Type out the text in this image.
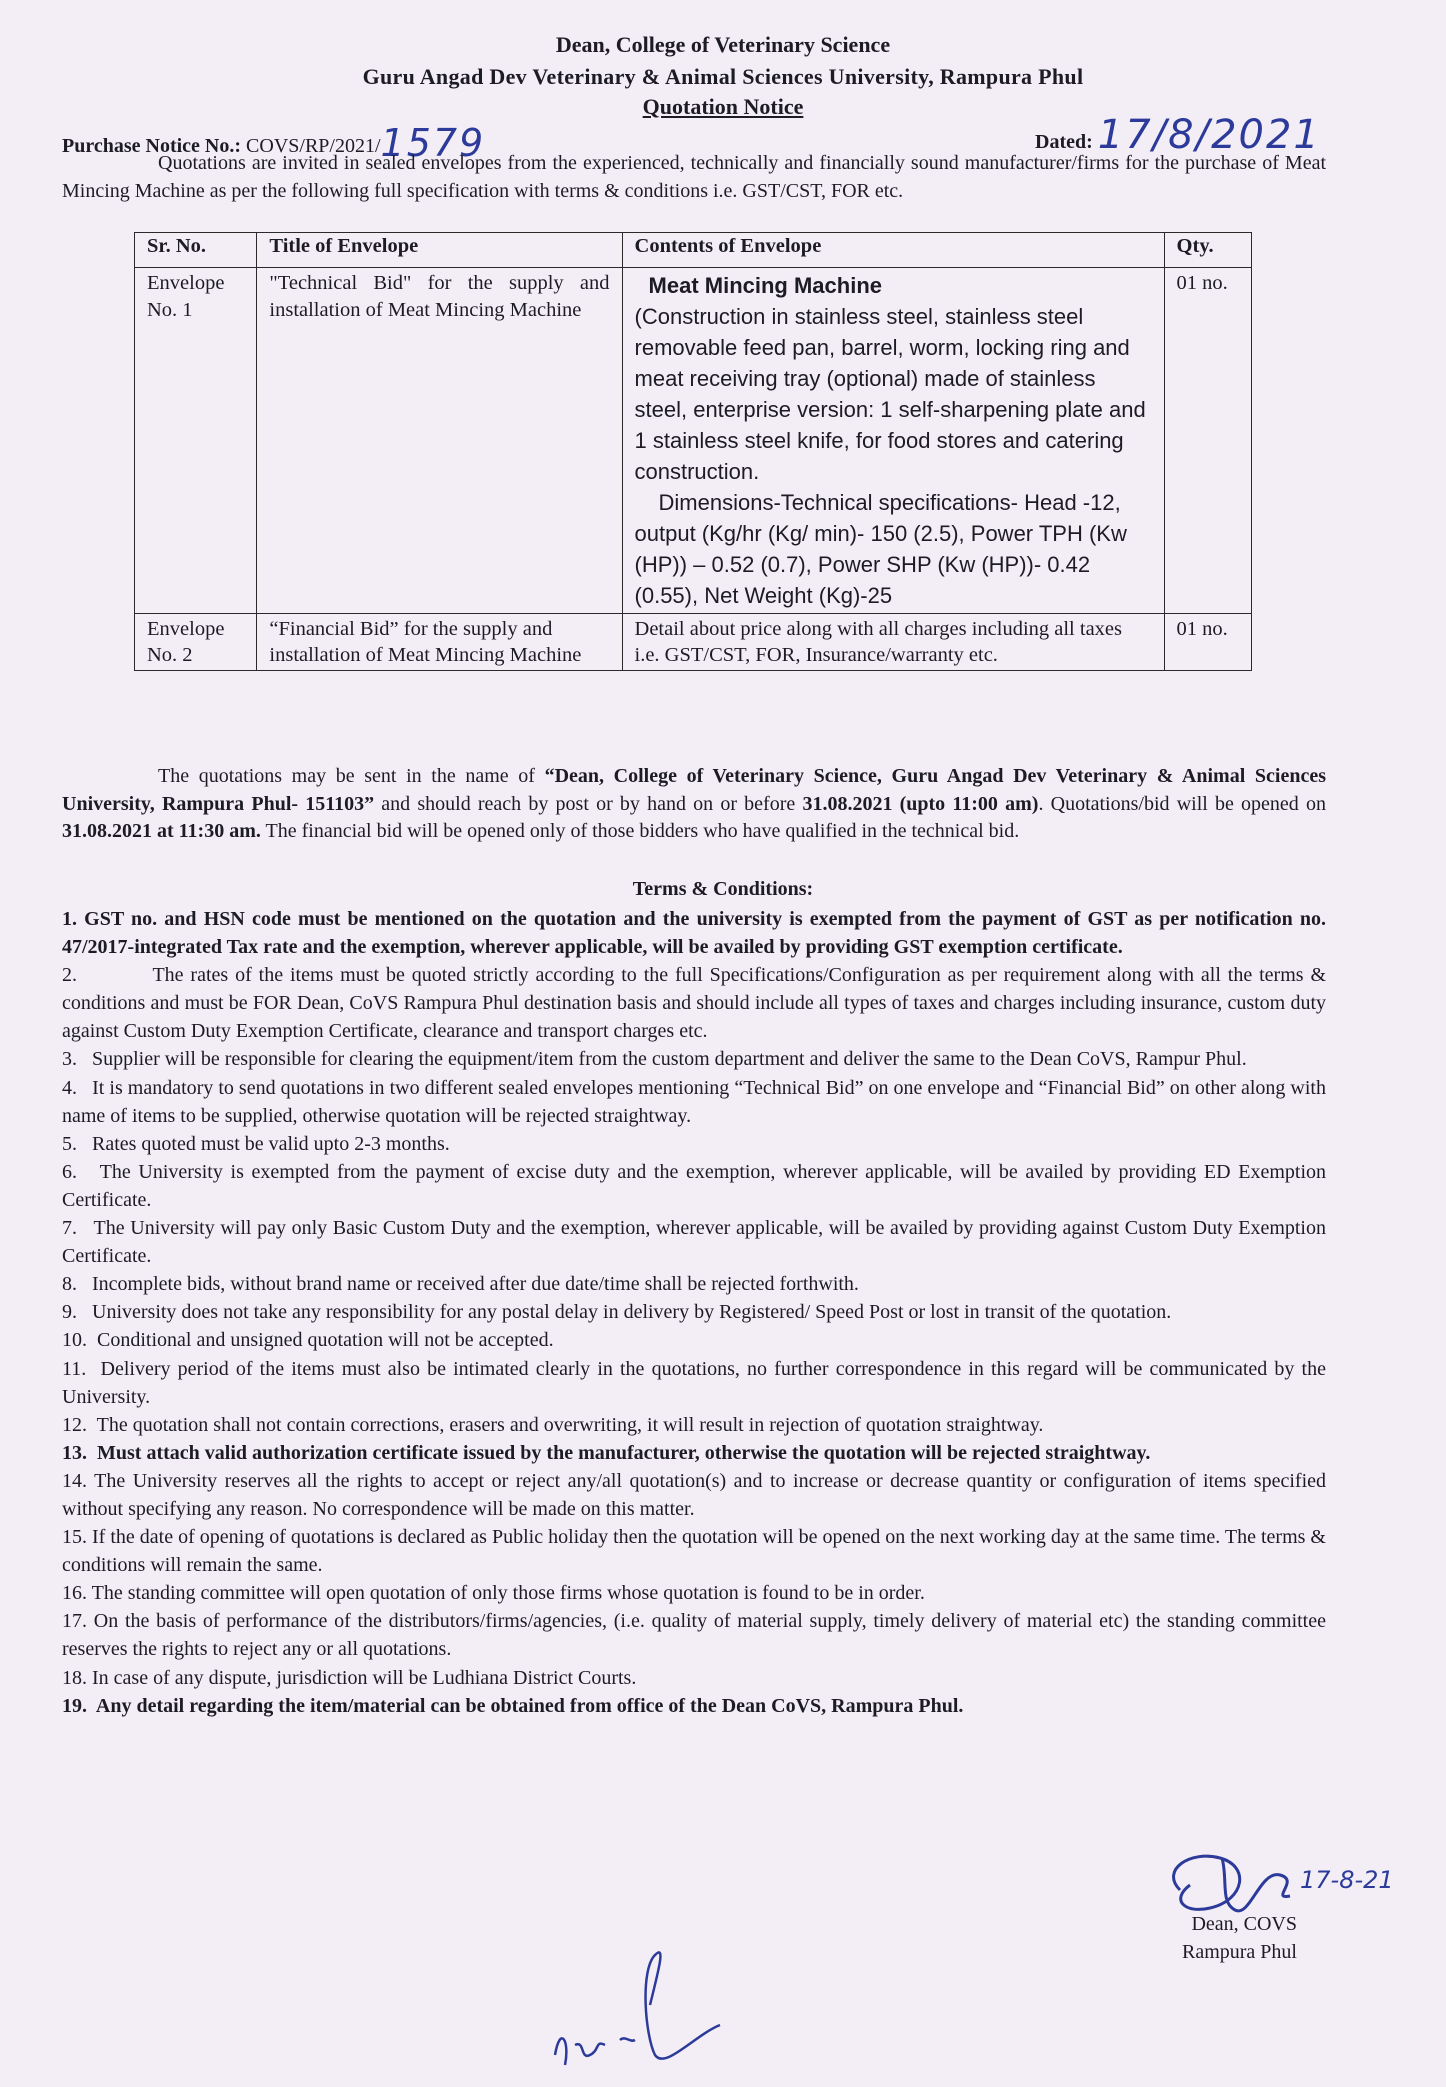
Dean, College of Veterinary Science
Guru Angad Dev Veterinary & Animal Sciences University, Rampura Phul
Quotation Notice
Purchase Notice No.: COVS/RP/2021/1579	Dated: 17/8/2021
Quotations are invited in sealed envelopes from the experienced, technically and financially sound manufacturer/firms for the purchase of Meat Mincing Machine as per the following full specification with terms & conditions i.e. GST/CST, FOR etc.
Sr. No.	Title of Envelope	Contents of Envelope	Qty.
Envelope No. 1	"Technical Bid" for the supply and installation of Meat Mincing Machine	Meat Mincing Machine
(Construction in stainless steel, stainless steel removable feed pan, barrel, worm, locking ring and meat receiving tray (optional) made of stainless steel, enterprise version: 1 self-sharpening plate and 1 stainless steel knife, for food stores and catering construction.
Dimensions-Technical specifications- Head -12, output (Kg/hr (Kg/ min)- 150 (2.5), Power TPH (Kw (HP)) – 0.52 (0.7), Power SHP (Kw (HP))- 0.42 (0.55), Net Weight (Kg)-25	01 no.
Envelope No. 2	“Financial Bid” for the supply and installation of Meat Mincing Machine	Detail about price along with all charges including all taxes i.e. GST/CST, FOR, Insurance/warranty etc.	01 no.
The quotations may be sent in the name of “Dean, College of Veterinary Science, Guru Angad Dev Veterinary & Animal Sciences University, Rampura Phul- 151103” and should reach by post or by hand on or before 31.08.2021 (upto 11:00 am). Quotations/bid will be opened on 31.08.2021 at 11:30 am. The financial bid will be opened only of those bidders who have qualified in the technical bid.
Terms & Conditions:

1. GST no. and HSN code must be mentioned on the quotation and the university is exempted from the payment of GST as per notification no. 47/2017-integrated Tax rate and the exemption, wherever applicable, will be availed by providing GST exemption certificate.

2.           The rates of the items must be quoted strictly according to the full Specifications/Configuration as per requirement along with all the terms & conditions and must be FOR Dean, CoVS Rampura Phul destination basis and should include all types of taxes and charges including insurance, custom duty against Custom Duty Exemption Certificate, clearance and transport charges etc.

3.   Supplier will be responsible for clearing the equipment/item from the custom department and deliver the same to the Dean CoVS, Rampur Phul.

4.   It is mandatory to send quotations in two different sealed envelopes mentioning “Technical Bid” on one envelope and “Financial Bid” on other along with name of items to be supplied, otherwise quotation will be rejected straightway.

5.   Rates quoted must be valid upto 2-3 months.

6.   The University is exempted from the payment of excise duty and the exemption, wherever applicable, will be availed by providing ED Exemption Certificate.

7.   The University will pay only Basic Custom Duty and the exemption, wherever applicable, will be availed by providing against Custom Duty Exemption Certificate.

8.   Incomplete bids, without brand name or received after due date/time shall be rejected forthwith.

9.   University does not take any responsibility for any postal delay in delivery by Registered/ Speed Post or lost in transit of the quotation.

10.  Conditional and unsigned quotation will not be accepted.

11.  Delivery period of the items must also be intimated clearly in the quotations, no further correspondence in this regard will be communicated by the University.

12.  The quotation shall not contain corrections, erasers and overwriting, it will result in rejection of quotation straightway.

13.  Must attach valid authorization certificate issued by the manufacturer, otherwise the quotation will be rejected straightway.

14. The University reserves all the rights to accept or reject any/all quotation(s) and to increase or decrease quantity or configuration of items specified without specifying any reason. No correspondence will be made on this matter.

15. If the date of opening of quotations is declared as Public holiday then the quotation will be opened on the next working day at the same time. The terms & conditions will remain the same.

16. The standing committee will open quotation of only those firms whose quotation is found to be in order.

17. On the basis of performance of the distributors/firms/agencies, (i.e. quality of material supply, timely delivery of material etc) the standing committee reserves the rights to reject any or all quotations.

18. In case of any dispute, jurisdiction will be Ludhiana District Courts.

19.  Any detail regarding the item/material can be obtained from office of the Dean CoVS, Rampura Phul.

17-8-21
Dean, COVS
Rampura Phul
